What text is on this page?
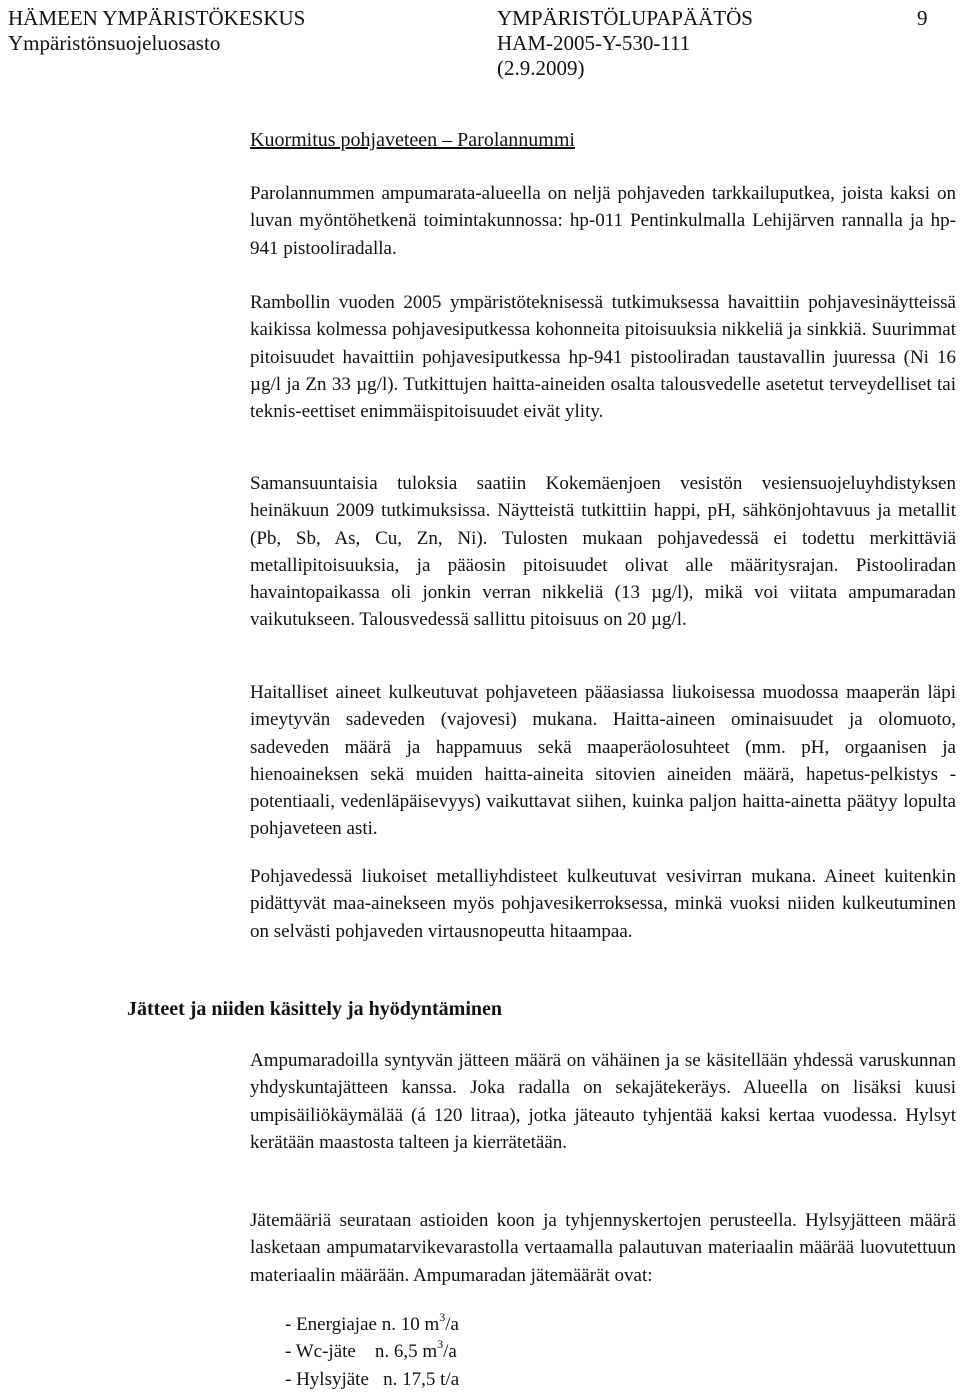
HÄMEEN YMPÄRISTÖKESKUS
Ympäristönsuojeluosasto
YMPÄRISTÖLUPAPÄÄTÖS
HAM-2005-Y-530-111
(2.9.2009)
9
Kuormitus pohjaveteen – Parolannummi

Parolannummen ampumarata-alueella on neljä pohjaveden tarkkailuputkea, joista kaksi on luvan myöntöhetkenä toimintakunnossa: hp-011 Pentinkulmalla Lehijärven rannalla ja hp-941 pistooliradalla.

Rambollin vuoden 2005 ympäristöteknisessä tutkimuksessa havaittiin pohjavesinäytteissä kaikissa kolmessa pohjavesiputkessa kohonneita pitoisuuksia nikkeliä ja sinkkiä. Suurimmat pitoisuudet havaittiin pohjavesiputkessa hp-941 pistooliradan taustavallin juuressa (Ni 16 µg/l ja Zn 33 µg/l). Tutkittujen haitta-aineiden osalta talousvedelle asetetut terveydelliset tai teknis-eettiset enimmäispitoisuudet eivät ylity.

Samansuuntaisia tuloksia saatiin Kokemäenjoen vesistön vesiensuojeluyhdistyksen heinäkuun 2009 tutkimuksissa. Näytteistä tutkittiin happi, pH, sähkönjohtavuus ja metallit (Pb, Sb, As, Cu, Zn, Ni). Tulosten mukaan pohjavedessä ei todettu merkittäviä metallipitoisuuksia, ja pääosin pitoisuudet olivat alle määritysrajan. Pistooliradan havaintopaikassa oli jonkin verran nikkeliä (13 µg/l), mikä voi viitata ampumaradan vaikutukseen. Talousvedessä sallittu pitoisuus on 20 µg/l.

Haitalliset aineet kulkeutuvat pohjaveteen pääasiassa liukoisessa muodossa maaperän läpi imeytyvän sadeveden (vajovesi) mukana. Haitta-aineen ominaisuudet ja olomuoto, sadeveden määrä ja happamuus sekä maaperäolosuhteet (mm. pH, orgaanisen ja hienoaineksen sekä muiden haitta-aineita sitovien aineiden määrä, hapetus-pelkistys -potentiaali, vedenläpäisevyys) vaikuttavat siihen, kuinka paljon haitta-ainetta päätyy lopulta pohjaveteen asti.

Pohjavedessä liukoiset metalliyhdisteet kulkeutuvat vesivirran mukana. Aineet kuitenkin pidättyvät maa-ainekseen myös pohjavesikerroksessa, minkä vuoksi niiden kulkeutuminen on selvästi pohjaveden virtausnopeutta hitaampaa.

Jätteet ja niiden käsittely ja hyödyntäminen

Ampumaradoilla syntyvän jätteen määrä on vähäinen ja se käsitellään yhdessä varuskunnan yhdyskuntajätteen kanssa. Joka radalla on sekajätekeräys. Alueella on lisäksi kuusi umpisäiliökäymälää (á 120 litraa), jotka jäteauto tyhjentää kaksi kertaa vuodessa. Hylsyt kerätään maastosta talteen ja kierrätetään.

Jätemääriä seurataan astioiden koon ja tyhjennyskertojen perusteella. Hylsyjätteen määrä lasketaan ampumatarvikevarastolla vertaamalla palautuvan materiaalin määrää luovutettuun materiaalin määrään. Ampumaradan jätemäärät ovat:

- Energiajae n. 10 $m^3/a$
- Wc-jäte    n. 6,5 $m^3/a$
- Hylsyjäte   n. 17,5 t/a
